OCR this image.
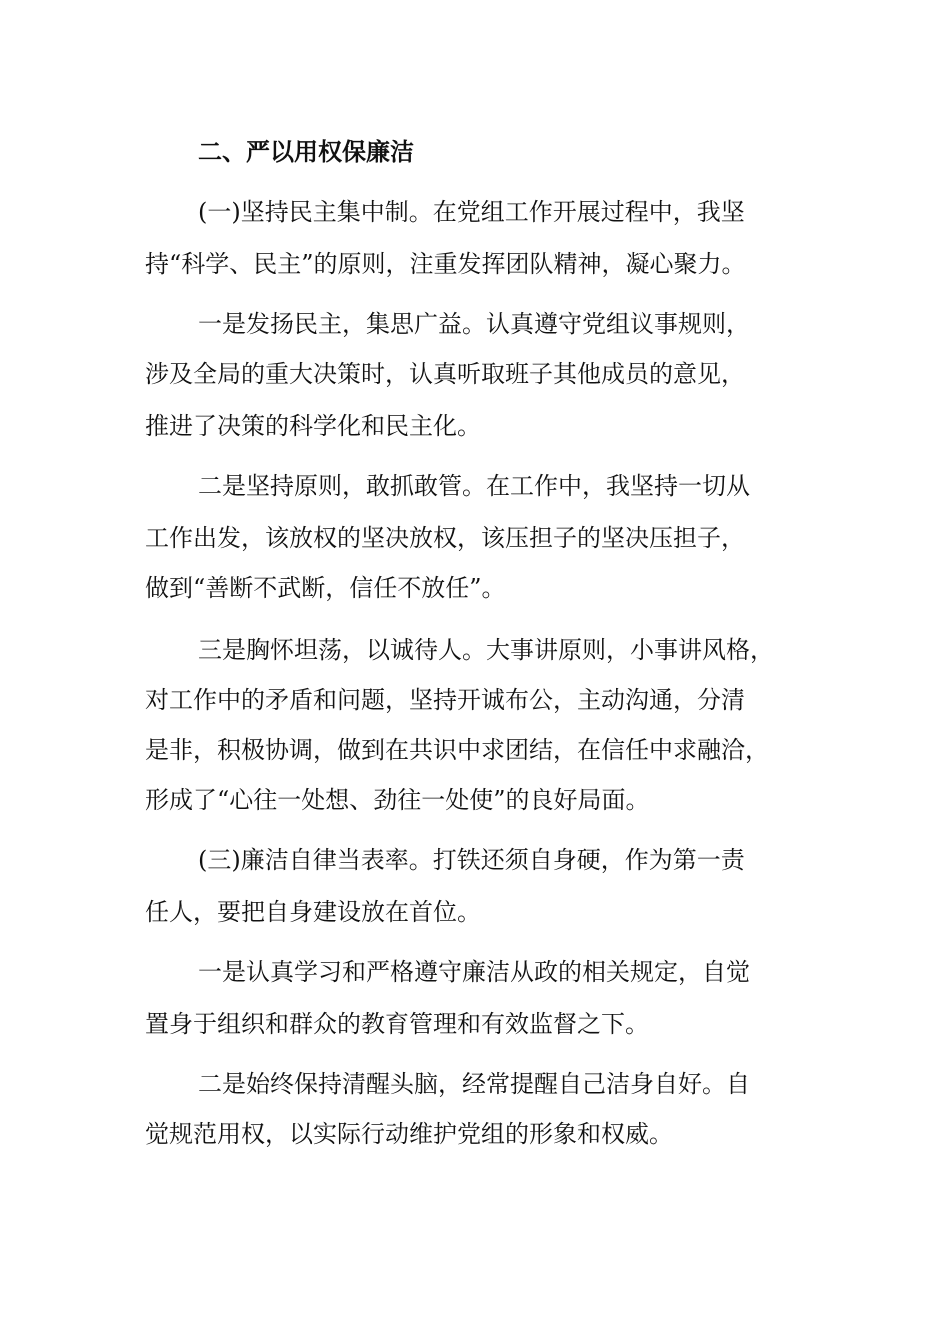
二、严以用权保廉洁
(一)坚持民主集中制。在党组工作开展过程中，我坚
持“科学、民主”的原则，注重发挥团队精神，凝心聚力。
一是发扬民主，集思广益。认真遵守党组议事规则，
涉及全局的重大决策时，认真听取班子其他成员的意见，
推进了决策的科学化和民主化。
二是坚持原则，敢抓敢管。在工作中，我坚持一切从
工作出发，该放权的坚决放权，该压担子的坚决压担子，
做到“善断不武断，信任不放任”。
三是胸怀坦荡，以诚待人。大事讲原则，小事讲风格，
对工作中的矛盾和问题，坚持开诚布公，主动沟通，分清
是非，积极协调，做到在共识中求团结，在信任中求融洽，
形成了“心往一处想、劲往一处使”的良好局面。
(三)廉洁自律当表率。打铁还须自身硬，作为第一责
任人，要把自身建设放在首位。
一是认真学习和严格遵守廉洁从政的相关规定，自觉
置身于组织和群众的教育管理和有效监督之下。
二是始终保持清醒头脑，经常提醒自己洁身自好。自
觉规范用权，以实际行动维护党组的形象和权威。
